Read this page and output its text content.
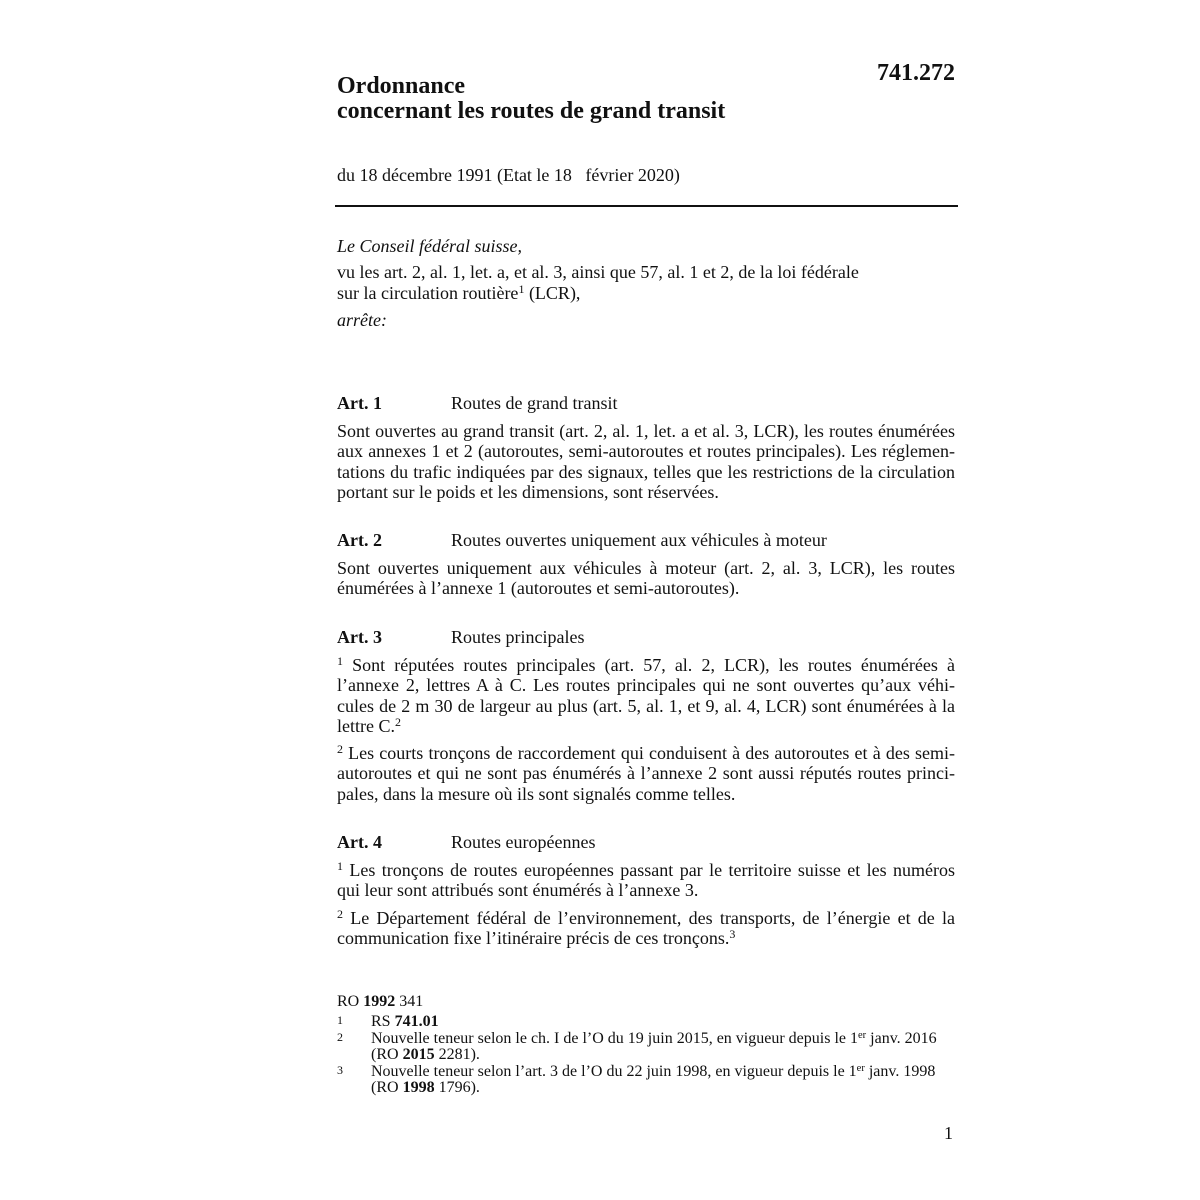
741.272
Ordonnance
concernant les routes de grand transit
du 18 décembre 1991 (Etat le 18   février 2020)
Le Conseil fédéral suisse,
vu les art. 2, al. 1, let. a, et al. 3, ainsi que 57, al. 1 et 2, de la loi fédérale
sur la circulation routière$^1$ (LCR),
arrête:
Art. 1	Routes de grand transit
Sont ouvertes au grand transit (art. 2, al. 1, let. a et al. 3, LCR), les routes énumérées
aux annexes 1 et 2 (autoroutes, semi-autoroutes et routes principales). Les réglemen-
tations du trafic indiquées par des signaux, telles que les restrictions de la circulation
portant sur le poids et les dimensions, sont réservées.
Art. 2	Routes ouvertes uniquement aux véhicules à moteur
Sont ouvertes uniquement aux véhicules à moteur (art. 2, al. 3, LCR), les routes
énumérées à l’annexe 1 (autoroutes et semi-autoroutes).
Art. 3	Routes principales
$^1$ Sont réputées routes principales (art. 57, al. 2, LCR), les routes énumérées à
l’annexe 2, lettres A à C. Les routes principales qui ne sont ouvertes qu’aux véhi-
cules de 2 m 30 de largeur au plus (art. 5, al. 1, et 9, al. 4, LCR) sont énumérées à la
lettre C.$^2$
$^2$ Les courts tronçons de raccordement qui conduisent à des autoroutes et à des semi-
autoroutes et qui ne sont pas énumérés à l’annexe 2 sont aussi réputés routes princi-
pales, dans la mesure où ils sont signalés comme telles.
Art. 4	Routes européennes
$^1$ Les tronçons de routes européennes passant par le territoire suisse et les numéros
qui leur sont attribués sont énumérés à l’annexe 3.
$^2$ Le Département fédéral de l’environnement, des transports, de l’énergie et de la
communication fixe l’itinéraire précis de ces tronçons.$^3$
RO 1992 341
1	RS 741.01
2	Nouvelle teneur selon le ch. I de l’O du 19 juin 2015, en vigueur depuis le 1er janv. 2016
(RO 2015 2281).
3	Nouvelle teneur selon l’art. 3 de l’O du 22 juin 1998, en vigueur depuis le 1er janv. 1998
(RO 1998 1796).
1
